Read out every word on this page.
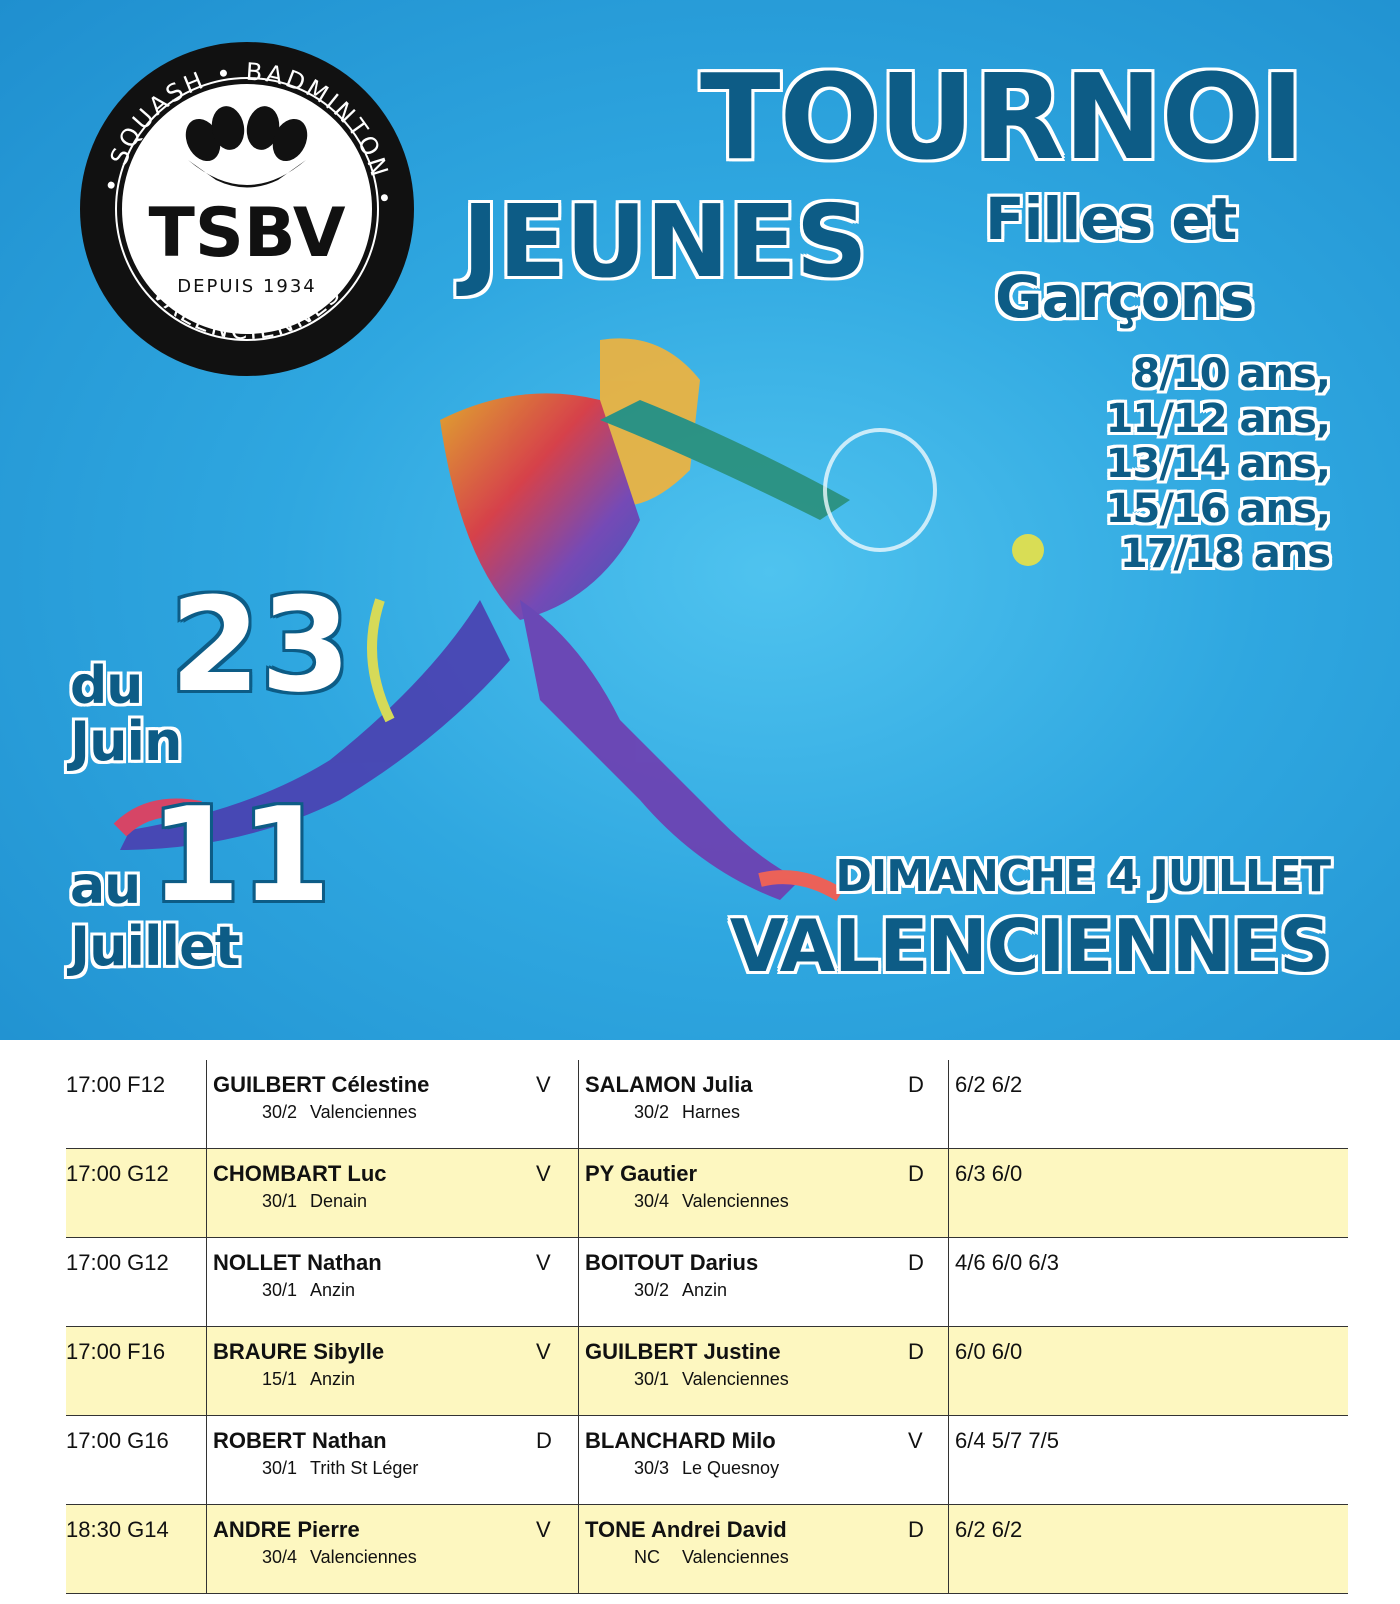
• SQUASH • BADMINTON •
VALENCIENNES
TSBV
DEPUIS 1934
TOURNOI
JEUNES Filles et
Garçons
8/10 ans,
11/12 ans,
13/14 ans,
15/16 ans,
17/18 ans
du 23
Juin
au 11
Juillet
DIMANCHE 4 JUILLET
VALENCIENNES
17:00 F12 GUILBERT Célestine
30/2 Valenciennes
V SALAMON Julia
30/2 Harnes
D 6/2 6/2
17:00 G12 CHOMBART Luc
30/1 Denain
V PY Gautier
30/4 Valenciennes
D 6/3 6/0
17:00 G12 NOLLET Nathan
30/1 Anzin
V BOITOUT Darius
30/2 Anzin
D 4/6 6/0 6/3
17:00 F16 BRAURE Sibylle
15/1 Anzin
V GUILBERT Justine
30/1 Valenciennes
D 6/0 6/0
17:00 G16 ROBERT Nathan
30/1 Trith St Léger
D BLANCHARD Milo
30/3 Le Quesnoy
V 6/4 5/7 7/5
18:30 G14 ANDRE Pierre
30/4 Valenciennes
V TONE Andrei David
NC Valenciennes
D 6/2 6/2
